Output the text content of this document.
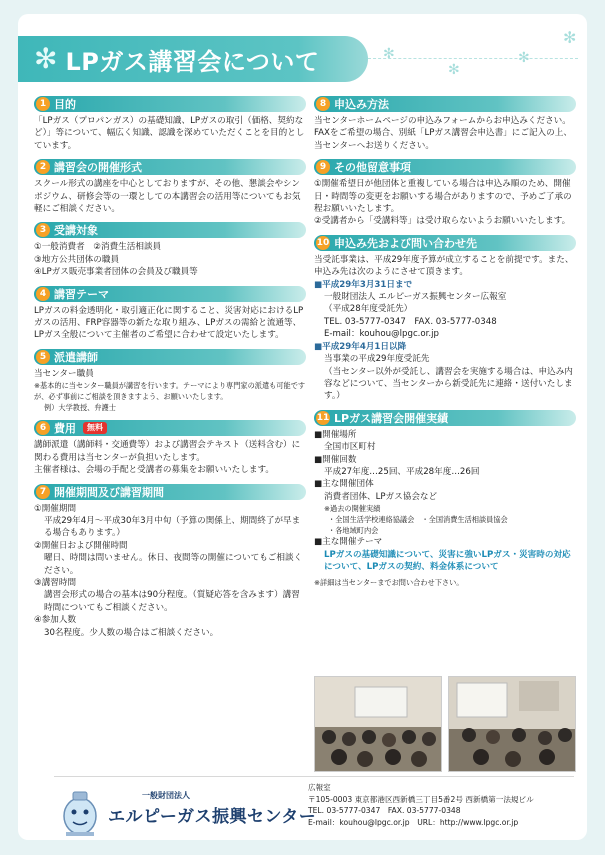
✻ LPガス講習会について	✻
✻
✻
✻
1 目的
「LPガス（プロパンガス）の基礎知識、LPガスの取引（価格、契約など）」等について、幅広く知識、認識を深めていただくことを目的としています。
2 講習会の開催形式
スクール形式の講座を中心としておりますが、その他、懇談会やシンポジウム、研修会等の一環としての本講習会の活用等についてもお気軽にご相談ください。
3 受講対象
①一般消費者　②消費生活相談員
③地方公共団体の職員
④LPガス販売事業者団体の会員及び職員等
4 講習テーマ
LPガスの料金透明化・取引適正化に関すること、災害対応におけるLPガスの活用、FRP容器等の新たな取り組み、LPガスの需給と流通等、LPガス全般について主催者のご希望に合わせて設定いたします。
5 派遣講師
当センター職員
※基本的に当センター職員が講習を行います。テーマにより専門家の派遣も可能ですが、必ず事前にご相談を頂きますよう、お願いいたします。
例）大学教授、弁護士
6 費用	無料
講師派遣（講師料・交通費等）および講習会テキスト（送料含む）に関わる費用は当センターが負担いたします。
主催者様は、会場の手配と受講者の募集をお願いいたします。
7 開催期間及び講習期間
①開催期間
平成29年4月～平成30年3月中旬（予算の関係上、期間終了が早まる場合もあります。）
②開催日および開催時間
曜日、時間は問いません。休日、夜間等の開催についてもご相談ください。
③講習時間
講習会形式の場合の基本は90分程度。（質疑応答を含みます）講習時間についてもご相談ください。
④参加人数
30名程度。少人数の場合はご相談ください。
8 申込み方法
当センターホームページの申込みフォームからお申込みください。FAXをご希望の場合、別紙「LPガス講習会申込書」にご記入の上、当センターへお送りください。
9 その他留意事項
①開催希望日が他団体と重複している場合は申込み順のため、開催日・時間等の変更をお願いする場合がありますので、予めご了承の程お願いいたします。
②受講者から「受講料等」は受け取らないようお願いいたします。
10 申込み先および問い合わせ先
当受託事業は、平成29年度予算が成立することを前提です。また、申込み先は次のようにさせて頂きます。
■平成29年3月31日まで
一般財団法人 エルピーガス振興センター広報室
（平成28年度受託先）
TEL. 03-5777-0347　FAX. 03-5777-0348
E-mail：kouhou@lpgc.or.jp
■平成29年4月1日以降
当事業の平成29年度受託先
（当センター以外が受託し、講習会を実施する場合は、申込み内容などについて、当センターから新受託先に連絡・送付いたします。）
11 LPガス講習会開催実績
■開催場所
全国市区町村
■開催回数
平成27年度…25回、平成28年度…26回
■主な開催団体
消費者団体、LPガス協会など
※過去の開催実績
・全国生活学校連絡協議会　・全国消費生活相談員協会
・各地域町内会
■主な開催テーマ
LPガスの基礎知識について、災害に強いLPガス・災害時の対応について、LPガスの契約、料金体系について
※詳細は当センターまでお問い合わせ下さい。
一般財団法人
エルピーガス振興センター
広報室
〒105-0003 東京都港区西新橋三丁目5番2号 西新橋第一法規ビル
TEL. 03-5777-0347　FAX. 03-5777-0348
E-mail：kouhou@lpgc.or.jp　URL：http://www.lpgc.or.jp
